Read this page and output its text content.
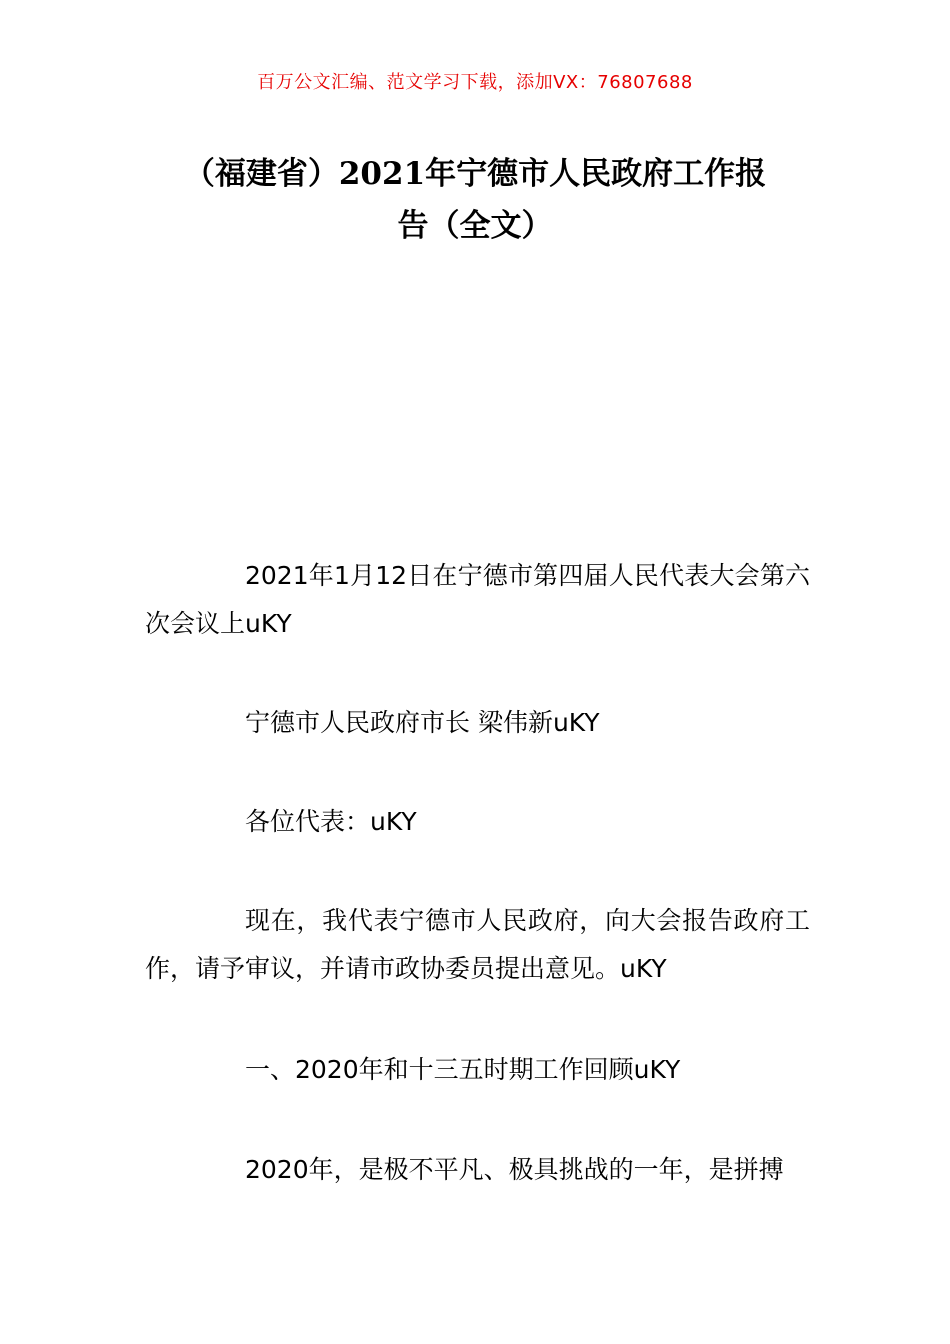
百万公文汇编、范文学习下载，添加VX：76807688
（福建省）2021年宁德市人民政府工作报
告（全文）

2021年1月12日在宁德市第四届人民代表大会第六次会议上uKY

宁德市人民政府市长 梁伟新uKY

各位代表：uKY

现在，我代表宁德市人民政府，向大会报告政府工作，请予审议，并请市政协委员提出意见。uKY

一、2020年和十三五时期工作回顾uKY

2020年，是极不平凡、极具挑战的一年，是拼搏
